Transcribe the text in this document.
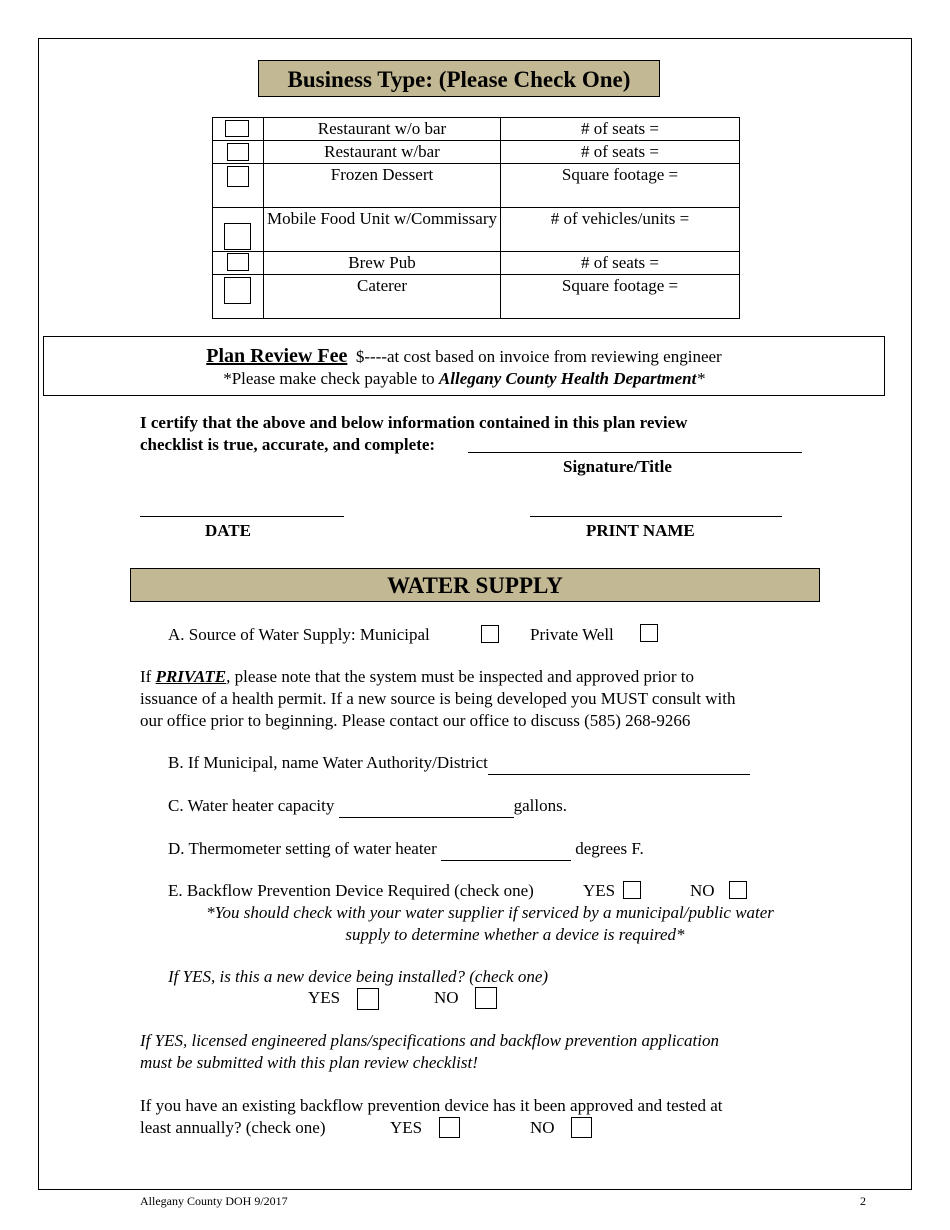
Business Type: (Please Check One)
	Restaurant w/o bar	# of seats =

	Restaurant w/bar	# of seats =

	Frozen Dessert	Square footage =

	Mobile Food Unit w/Commissary	# of vehicles/units =

	Brew Pub	# of seats =

	Caterer	Square footage =
Plan Review Fee $----at cost based on invoice from reviewing engineer
*Please make check payable to Allegany County Health Department*
I certify that the above and below information contained in this plan review
checklist is true, accurate, and complete:
Signature/Title
DATE	PRINT NAME
WATER SUPPLY
A. Source of Water Supply: Municipal	Private Well
If PRIVATE, please note that the system must be inspected and approved prior to
issuance of a health permit. If a new source is being developed you MUST consult with
our office prior to beginning. Please contact our office to discuss (585) 268-9266
B. If Municipal, name Water Authority/District
C. Water heater capacity	gallons.
D. Thermometer setting of water heater	degrees F.
E. Backflow Prevention Device Required (check one)	YES	NO
*You should check with your water supplier if serviced by a municipal/public water
supply to determine whether a device is required*
If YES, is this a new device being installed? (check one)
YES	NO
If YES, licensed engineered plans/specifications and backflow prevention application
must be submitted with this plan review checklist!
If you have an existing backflow prevention device has it been approved and tested at
least annually? (check one)	YES	NO
Allegany County DOH 9/2017	2
